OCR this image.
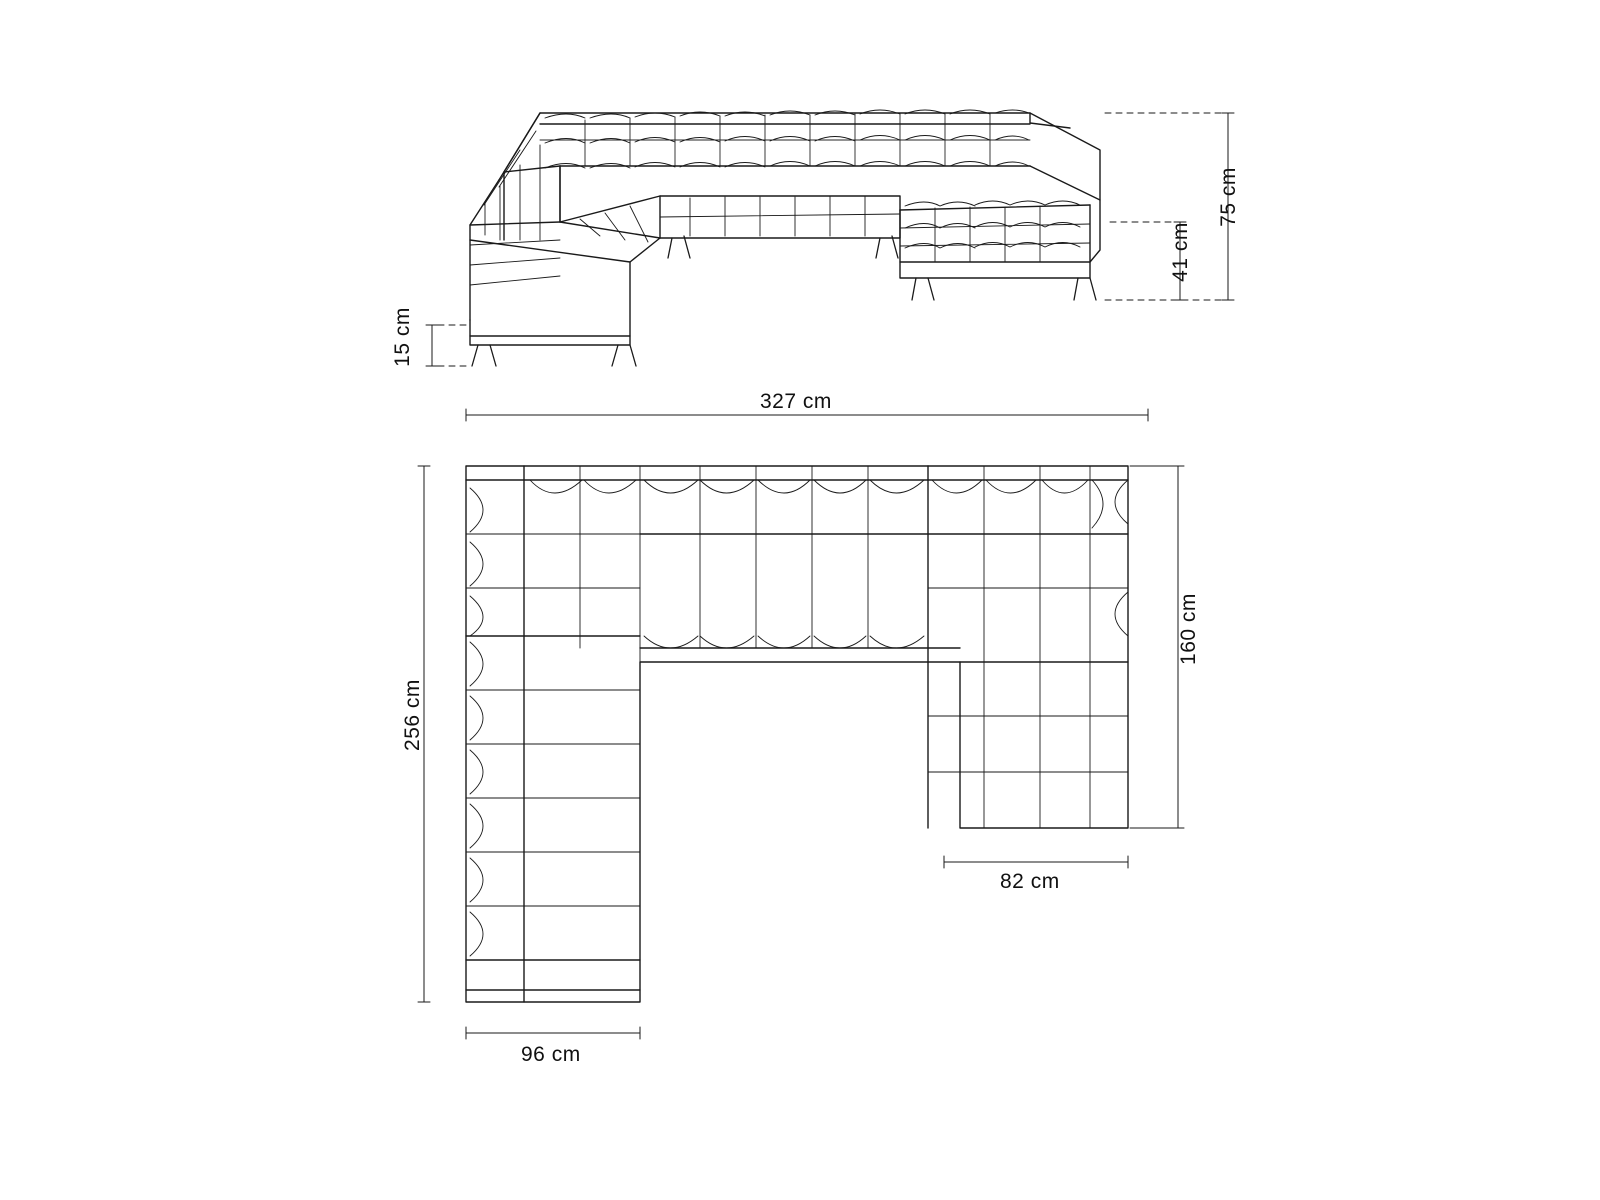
75 cm
41 cm
15 cm
327 cm
256 cm
160 cm
82 cm
96 cm
